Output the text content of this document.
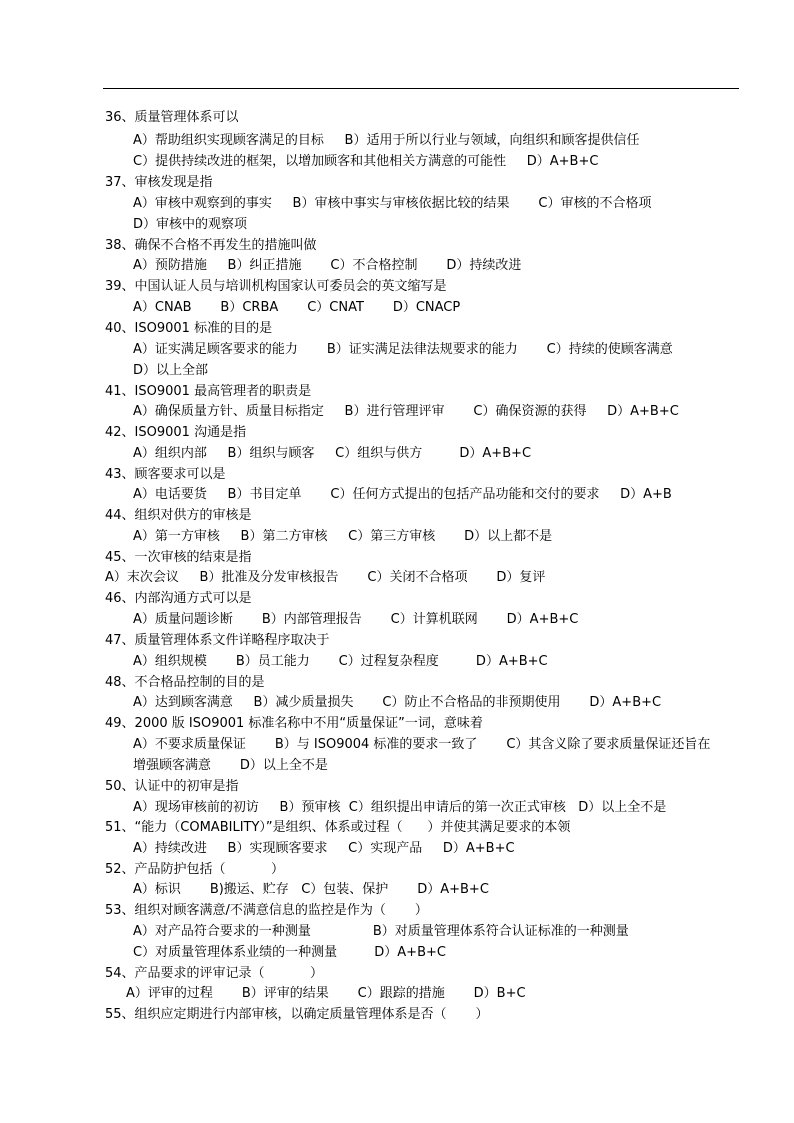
36、质量管理体系可以
A）帮助组织实现顾客满足的目标     B）适用于所以行业与领域，向组织和顾客提供信任
C）提供持续改进的框架，以增加顾客和其他相关方满意的可能性     D）A+B+C
37、审核发现是指
A）审核中观察到的事实     B）审核中事实与审核依据比较的结果       C）审核的不合格项
D）审核中的观察项
38、确保不合格不再发生的措施叫做
A）预防措施     B）纠正措施       C）不合格控制       D）持续改进
39、中国认证人员与培训机构国家认可委员会的英文缩写是
A）CNAB       B）CRBA       C）CNAT       D）CNACP
40、ISO9001 标准的目的是
A）证实满足顾客要求的能力       B）证实满足法律法规要求的能力       C）持续的使顾客满意
D）以上全部
41、ISO9001 最高管理者的职责是
A）确保质量方针、质量目标指定     B）进行管理评审       C）确保资源的获得     D）A+B+C
42、ISO9001 沟通是指
A）组织内部     B）组织与顾客     C）组织与供方         D）A+B+C
43、顾客要求可以是
A）电话要货     B）书目定单       C）任何方式提出的包括产品功能和交付的要求     D）A+B
44、组织对供方的审核是
A）第一方审核     B）第二方审核     C）第三方审核       D）以上都不是
45、一次审核的结束是指
A）末次会议     B）批准及分发审核报告       C）关闭不合格项       D）复评
46、内部沟通方式可以是
A）质量问题诊断       B）内部管理报告       C）计算机联网       D）A+B+C
47、质量管理体系文件详略程序取决于
A）组织规模       B）员工能力       C）过程复杂程度         D）A+B+C
48、不合格品控制的目的是
A）达到顾客满意     B）减少质量损失       C）防止不合格品的非预期使用       D）A+B+C
49、2000 版 ISO9001 标准名称中不用“质量保证”一词，意味着
A）不要求质量保证       B）与 ISO9004 标准的要求一致了       C）其含义除了要求质量保证还旨在
增强顾客满意       D）以上全不是
50、认证中的初审是指
A）现场审核前的初访     B）预审核  C）组织提出申请后的第一次正式审核   D）以上全不是
51、“能力（COMABILITY）”是组织、体系或过程（      ）并使其满足要求的本领
A）持续改进     B）实现顾客要求     C）实现产品     D）A+B+C
52、产品防护包括（           ）
A）标识       B)搬运、贮存   C）包装、保护       D）A+B+C
53、组织对顾客满意/不满意信息的监控是作为（       ）
A）对产品符合要求的一种测量               B）对质量管理体系符合认证标准的一种测量
C）对质量管理体系业绩的一种测量         D）A+B+C
54、产品要求的评审记录（           ）
A）评审的过程       B）评审的结果       C）跟踪的措施       D）B+C
55、组织应定期进行内部审核，以确定质量管理体系是否（       ）
